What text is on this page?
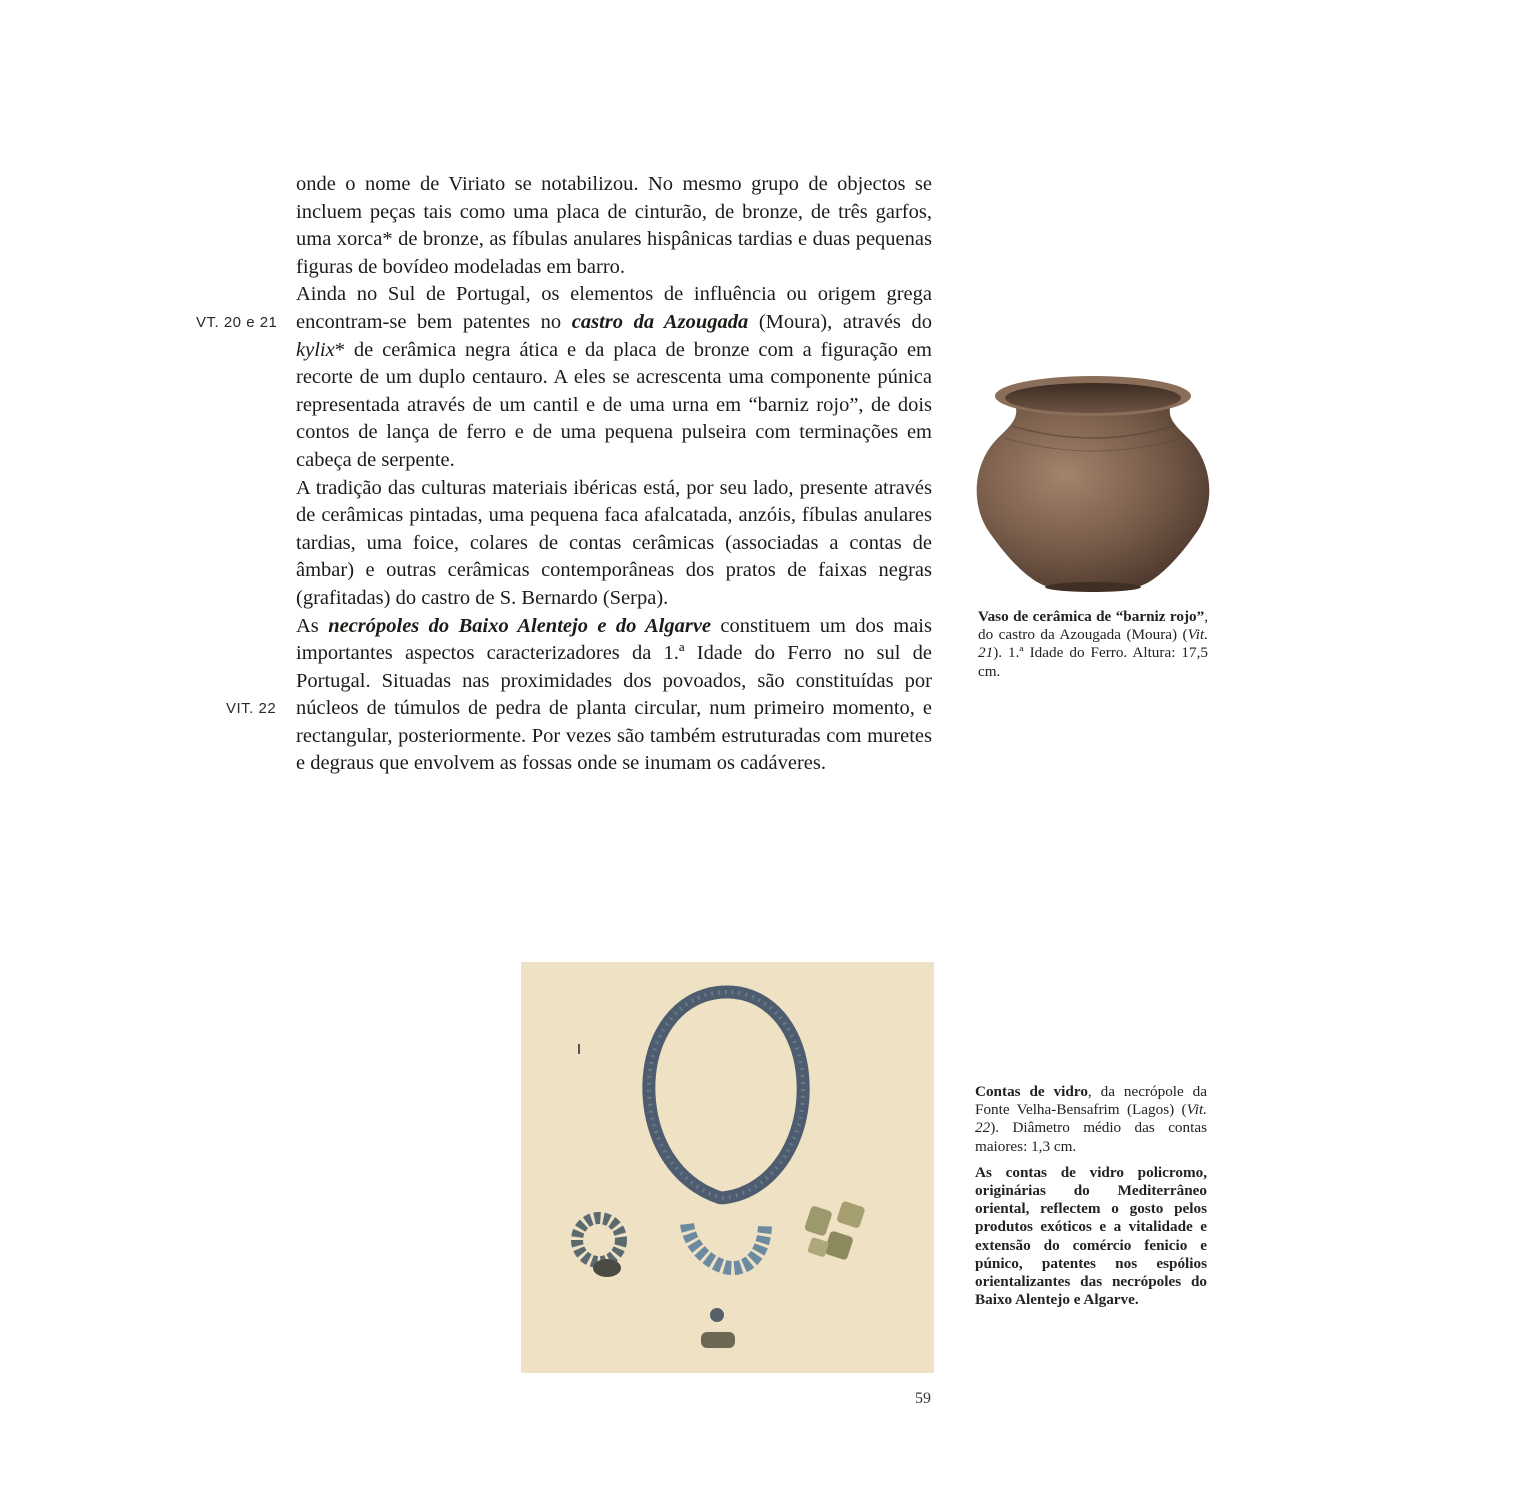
onde o nome de Viriato se notabilizou. No mesmo grupo de objectos se incluem peças tais como uma placa de cinturão, de bronze, de três garfos, uma xorca* de bronze, as fíbulas anulares hispânicas tardias e duas pequenas figuras de bovídeo modeladas em barro.

Ainda no Sul de Portugal, os elementos de influência ou origem grega encontram-se bem patentes no castro da Azougada (Moura), através do kylix* de cerâmica negra ática e da placa de bronze com a figuração em recorte de um duplo centauro. A eles se acrescenta uma componente púnica representada através de um cantil e de uma urna em “barniz rojo”, de dois contos de lança de ferro e de uma pequena pulseira com terminações em cabeça de serpente.

A tradição das culturas materiais ibéricas está, por seu lado, presente através de cerâmicas pintadas, uma pequena faca afalcatada, anzóis, fíbulas anulares tardias, uma foice, colares de contas cerâmicas (associadas a contas de âmbar) e outras cerâmicas contemporâneas dos pratos de faixas negras (grafitadas) do castro de S. Bernardo (Serpa).

As necrópoles do Baixo Alentejo e do Algarve constituem um dos mais importantes aspectos caracterizadores da 1.ª Idade do Ferro no sul de Portugal. Situadas nas proximidades dos povoados, são constituídas por núcleos de túmulos de pedra de planta circular, num primeiro momento, e rectangular, posteriormente. Por vezes são também estruturadas com muretes e degraus que envolvem as fossas onde se inumam os cadáveres.

VT. 20 e 21
VIT. 22

Vaso de cerâmica de “barniz rojo”, do castro da Azougada (Moura) (Vit. 21). 1.ª Idade do Ferro. Altura: 17,5 cm.

Contas de vidro, da necrópole da Fonte Velha-Bensafrim (Lagos) (Vit. 22). Diâmetro médio das contas maiores: 1,3 cm.

As contas de vidro policromo, originárias do Mediterrâneo oriental, reflectem o gosto pelos produtos exóticos e a vitalidade e extensão do comércio fenicio e púnico, patentes nos espólios orientalizantes das necrópoles do Baixo Alentejo e Algarve.

59
